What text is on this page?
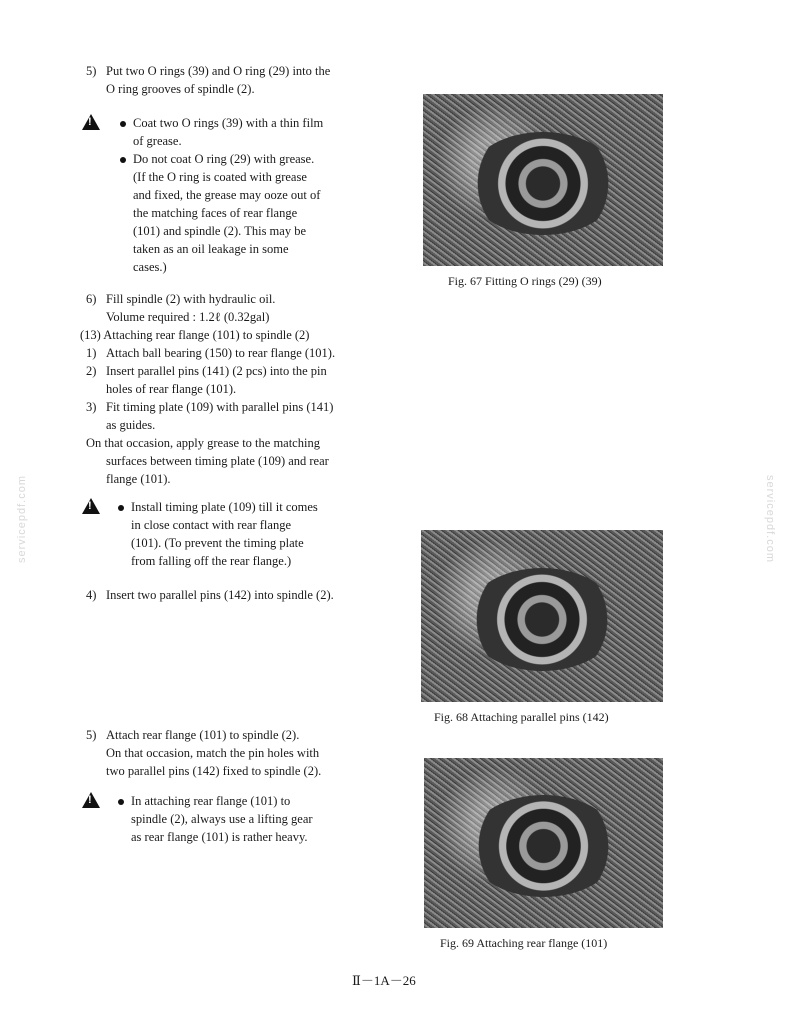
5) Put two O rings (39) and O ring (29) into the
O ring grooves of spindle (2).
!
Coat two O rings (39) with a thin film
of grease.
Do not coat O ring (29) with grease.
(If the O ring is coated with grease
and fixed, the grease may ooze out of
the matching faces of rear flange
(101) and spindle (2). This may be
taken as an oil leakage in some
cases.)
6) Fill spindle (2) with hydraulic oil.
Volume required : 1.2ℓ (0.32gal)
(13) Attaching rear flange (101) to spindle (2)
1) Attach ball bearing (150) to rear flange (101).
2) Insert parallel pins (141) (2 pcs) into the pin
holes of rear flange (101).
3) Fit timing plate (109) with parallel pins (141)
as guides.
On that occasion, apply grease to the matching
surfaces between timing plate (109) and rear
flange (101).
!
Install timing plate (109) till it comes
in close contact with rear flange
(101). (To prevent the timing plate
from falling off the rear flange.)
4) Insert two parallel pins (142) into spindle (2).
5) Attach rear flange (101) to spindle (2).
On that occasion, match the pin holes with
two parallel pins (142) fixed to spindle (2).
!
In attaching rear flange (101) to
spindle (2), always use a lifting gear
as rear flange (101) is rather heavy.
Fig. 67 Fitting O rings (29) (39)
Fig. 68 Attaching parallel pins (142)
Fig. 69 Attaching rear flange (101)
servicepdf.com	servicepdf.com
Ⅱ－1A－26
